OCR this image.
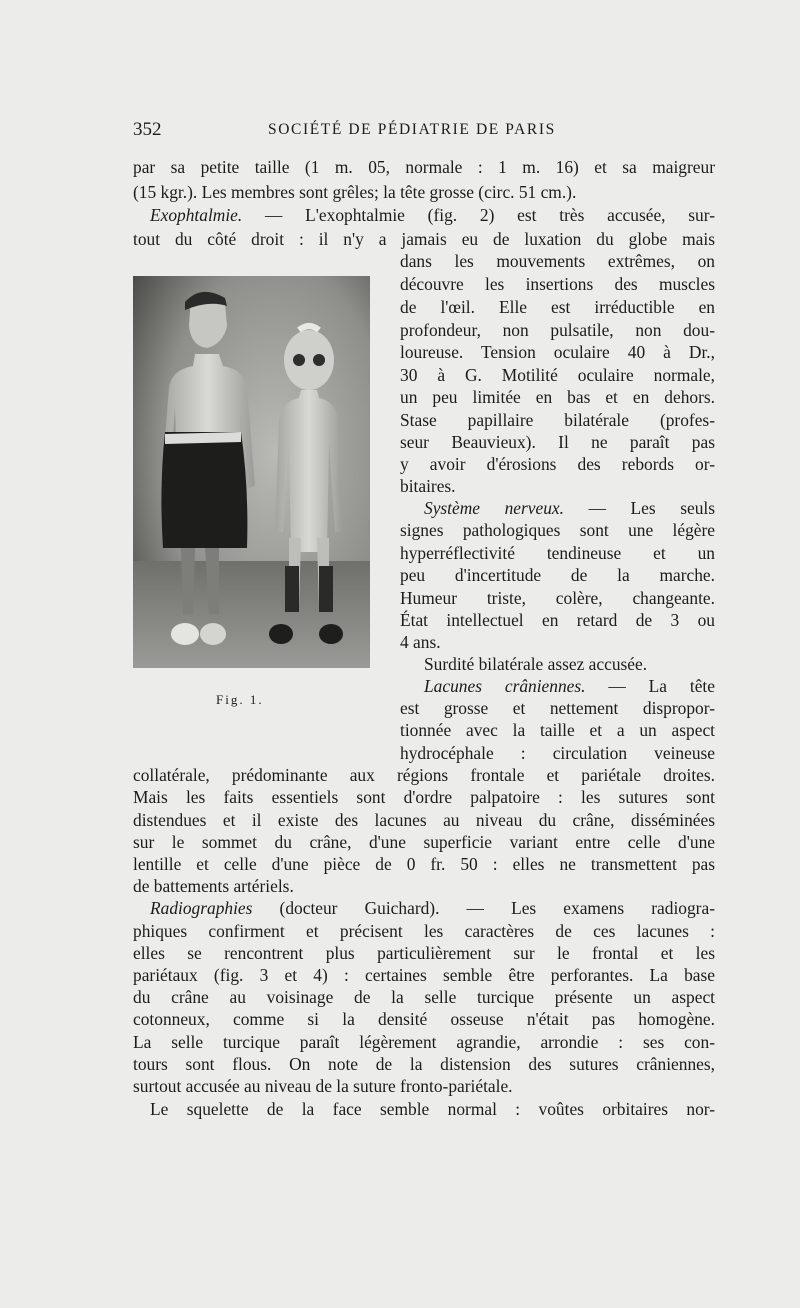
352	SOCIÉTÉ DE PÉDIATRIE DE PARIS
par sa petite taille (1 m. 05, normale : 1 m. 16) et sa maigreur
(15 kgr.). Les membres sont grêles; la tête grosse (circ. 51 cm.).
Exophtalmie. — L'exophtalmie (fig. 2) est très accusée, sur-
tout du côté droit : il n'y a jamais eu de luxation du globe mais
dans les mouvements extrêmes, on
découvre les insertions des muscles
de l'œil. Elle est irréductible en
profondeur, non pulsatile, non dou-
loureuse. Tension oculaire 40 à Dr.,
30 à G. Motilité oculaire normale,
un peu limitée en bas et en dehors.
Stase papillaire bilatérale (profes-
seur Beauvieux). Il ne paraît pas
y avoir d'érosions des rebords or-
bitaires.
Système nerveux. — Les seuls
signes pathologiques sont une légère
hyperréflectivité tendineuse et un
peu d'incertitude de la marche.
Humeur triste, colère, changeante.
État intellectuel en retard de 3 ou
4 ans.
Surdité bilatérale assez accusée.
Lacunes crâniennes. — La tête
est grosse et nettement dispropor-
tionnée avec la taille et a un aspect
hydrocéphale : circulation veineuse
collatérale, prédominante aux régions frontale et pariétale droites.
Mais les faits essentiels sont d'ordre palpatoire : les sutures sont
distendues et il existe des lacunes au niveau du crâne, disséminées
sur le sommet du crâne, d'une superficie variant entre celle d'une
lentille et celle d'une pièce de 0 fr. 50 : elles ne transmettent pas
de battements artériels.
Radiographies (docteur Guichard). — Les examens radiogra-
phiques confirment et précisent les caractères de ces lacunes :
elles se rencontrent plus particulièrement sur le frontal et les
pariétaux (fig. 3 et 4) : certaines semble être perforantes. La base
du crâne au voisinage de la selle turcique présente un aspect
cotonneux, comme si la densité osseuse n'était pas homogène.
La selle turcique paraît légèrement agrandie, arrondie : ses con-
tours sont flous. On note de la distension des sutures crâniennes,
surtout accusée au niveau de la suture fronto-pariétale.
Le squelette de la face semble normal : voûtes orbitaires nor-
Fig. 1.
